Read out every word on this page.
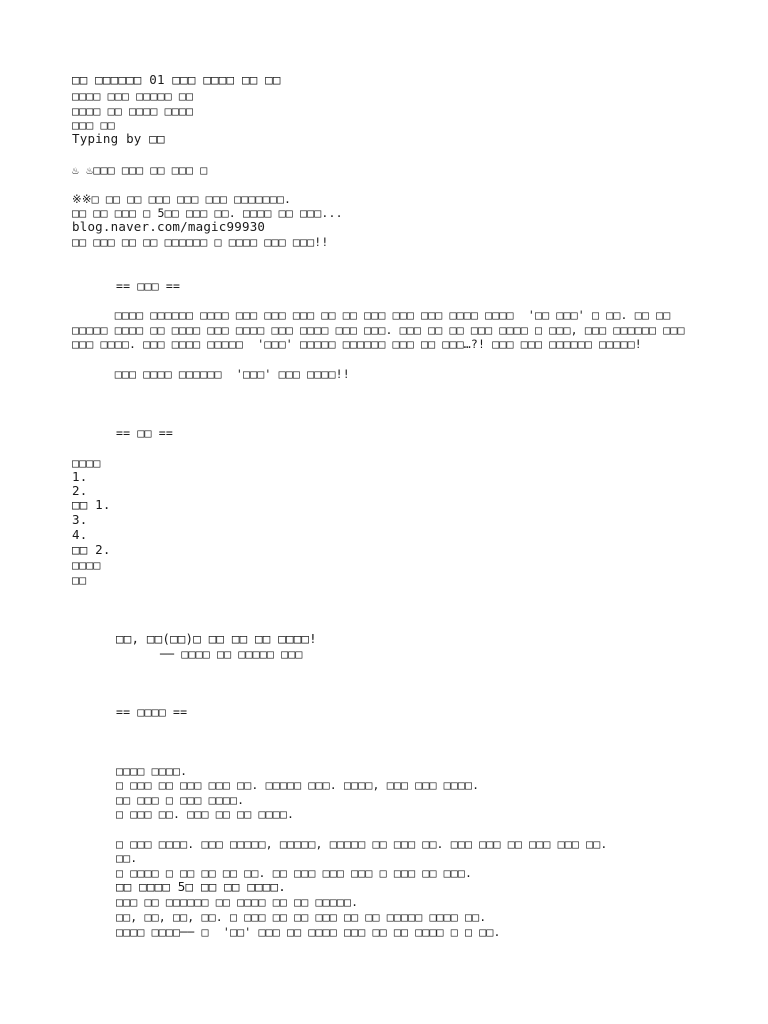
□□ □□□□□□ 01 □□□ □□□□ □□ □□
□□□□ □□□ □□□□□ □□
□□□□ □□ □□□□ □□□□
□□□ □□
Typing by □□
♨ ♨□□□ □□□ □□ □□□ □
※※□ □□ □□ □□□ □□□ □□□ □□□□□□□.
□□ □□ □□□ □ 5□□ □□□ □□. □□□□ □□ □□□...
blog.naver.com/magic99930
□□ □□□ □□ □□ □□□□□□ □ □□□□ □□□ □□□!!
== □□□ ==
□□□□ □□□□□□ □□□□ □□□ □□□ □□□ □□ □□ □□□ □□□ □□□ □□□□ □□□□  '□□ □□□' □ □□. □□ □□ □□□□□ □□□□ □□ □□□□ □□□ □□□□ □□□ □□□□ □□□ □□□. □□□ □□ □□ □□□ □□□□ □ □□□, □□□ □□□□□□ □□□ □□□ □□□□. □□□ □□□□ □□□□□  '□□□' □□□□□ □□□□□□ □□□ □□ □□□…?! □□□ □□□ □□□□□□ □□□□□!
□□□ □□□□ □□□□□□  '□□□' □□□ □□□□!!
== □□ ==
□□□□
1.
2.
□□ 1.
3.
4.
□□ 2.
□□□□
□□
□□, □□(□□)□ □□ □□ □□ □□□□!
── □□□□ □□ □□□□□ □□□
== □□□□ ==
□□□□ □□□□.
□ □□□ □□ □□□ □□□ □□. □□□□□ □□□. □□□□, □□□ □□□ □□□□.
□□ □□□ □ □□□ □□□□.
□ □□□ □□. □□□ □□ □□ □□□□.
□ □□□ □□□□. □□□ □□□□□, □□□□□, □□□□□ □□ □□□ □□. □□□ □□□ □□ □□□ □□□ □□.
□□.
□ □□□□ □ □□ □□ □□ □□. □□ □□□ □□□ □□□ □ □□□ □□ □□□.
□□ □□□□ 5□ □□ □□ □□□□.
□□□ □□ □□□□□□ □□ □□□□ □□ □□ □□□□□.
□□, □□, □□, □□. □ □□□ □□ □□ □□□ □□ □□ □□□□□ □□□□ □□.
□□□□ □□□□── □  '□□' □□□ □□ □□□□ □□□ □□ □□ □□□□ □ □ □□.
